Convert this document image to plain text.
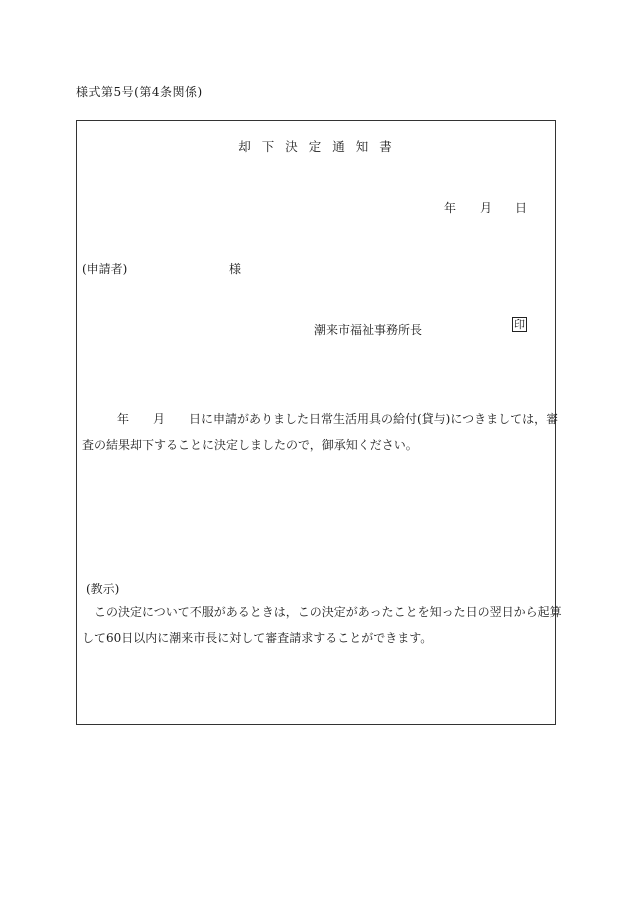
様式第5号(第4条関係)
却下決定通知書
年 月 日
(申請者)	様
潮来市福祉事務所長	印
年 月 日に申請がありました日常生活用具の給付(貸与)につきましては，審
査の結果却下することに決定しましたので，御承知ください。
(教示)
この決定について不服があるときは，この決定があったことを知った日の翌日から起算
して60日以内に潮来市長に対して審査請求することができます。
